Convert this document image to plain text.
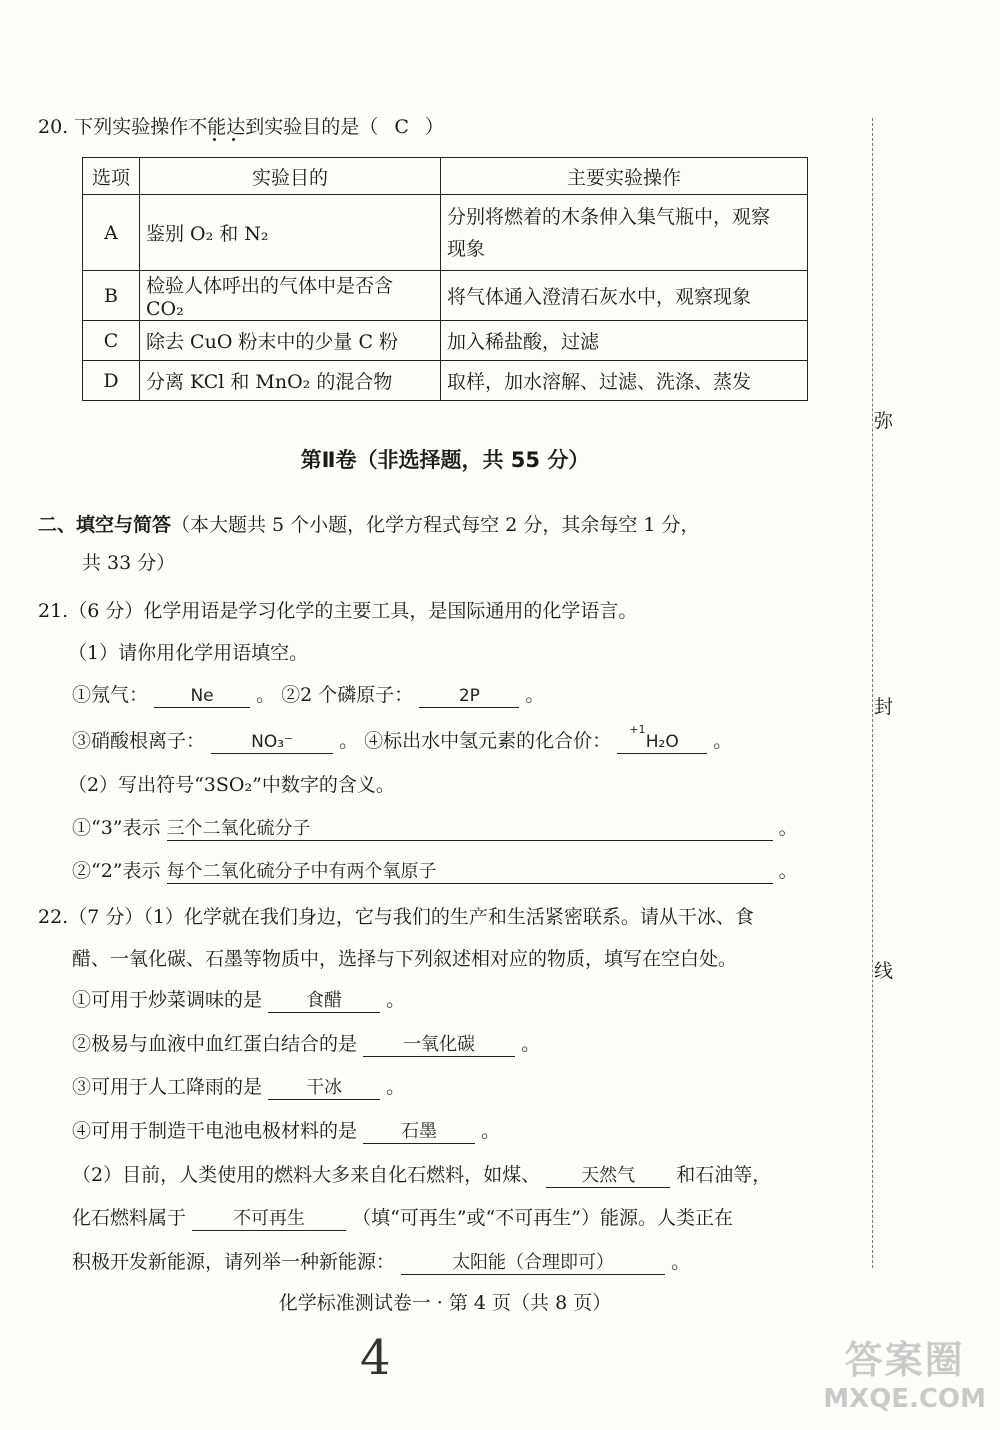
20. 下列实验操作不能达到实验目的是（ C ）
选项	实验目的	主要实验操作
A	鉴别 O₂ 和 N₂	分别将燃着的木条伸入集气瓶中，观察
现象

B	检验人体呼出的气体中是否含 CO₂	将气体通入澄清石灰水中，观察现象
C	除去 CuO 粉末中的少量 C 粉	加入稀盐酸，过滤
D	分离 KCl 和 MnO₂ 的混合物	取样，加水溶解、过滤、洗涤、蒸发
第Ⅱ卷（非选择题，共 55 分）
二、填空与简答（本大题共 5 个小题，化学方程式每空 2 分，其余每空 1 分，
共 33 分）
21.（6 分）化学用语是学习化学的主要工具，是国际通用的化学语言。
（1）请你用化学用语填空。
①氖气： Ne 。 ②2 个磷原子：	2P 。
③硝酸根离子：	NO₃⁻ 。 ④标出水中氢元素的化合价：
+1
H₂O 。
（2）写出符号“3SO₂”中数字的含义。
①“3”表示 三个二氧化硫分子	。
②“2”表示 每个二氧化硫分子中有两个氧原子	。
22.（7 分）（1）化学就在我们身边，它与我们的生产和生活紧密联系。请从干冰、食
醋、一氧化碳、石墨等物质中，选择与下列叙述相对应的物质，填写在空白处。
①可用于炒菜调味的是 食醋 。
②极易与血液中血红蛋白结合的是	一氧化碳 。
③可用于人工降雨的是 干冰 。
④可用于制造干电池电极材料的是 石墨 。
（2）目前，人类使用的燃料大多来自化石燃料，如煤、 天然气 和石油等，
化石燃料属于	不可再生 （填“可再生”或“不可再生”）能源。人类正在
积极开发新能源，请列举一种新能源：	太阳能（合理即可）	。
弥
封
线
化学标准测试卷一 · 第 4 页（共 8 页）
4	答案圈
MXQE.COM
